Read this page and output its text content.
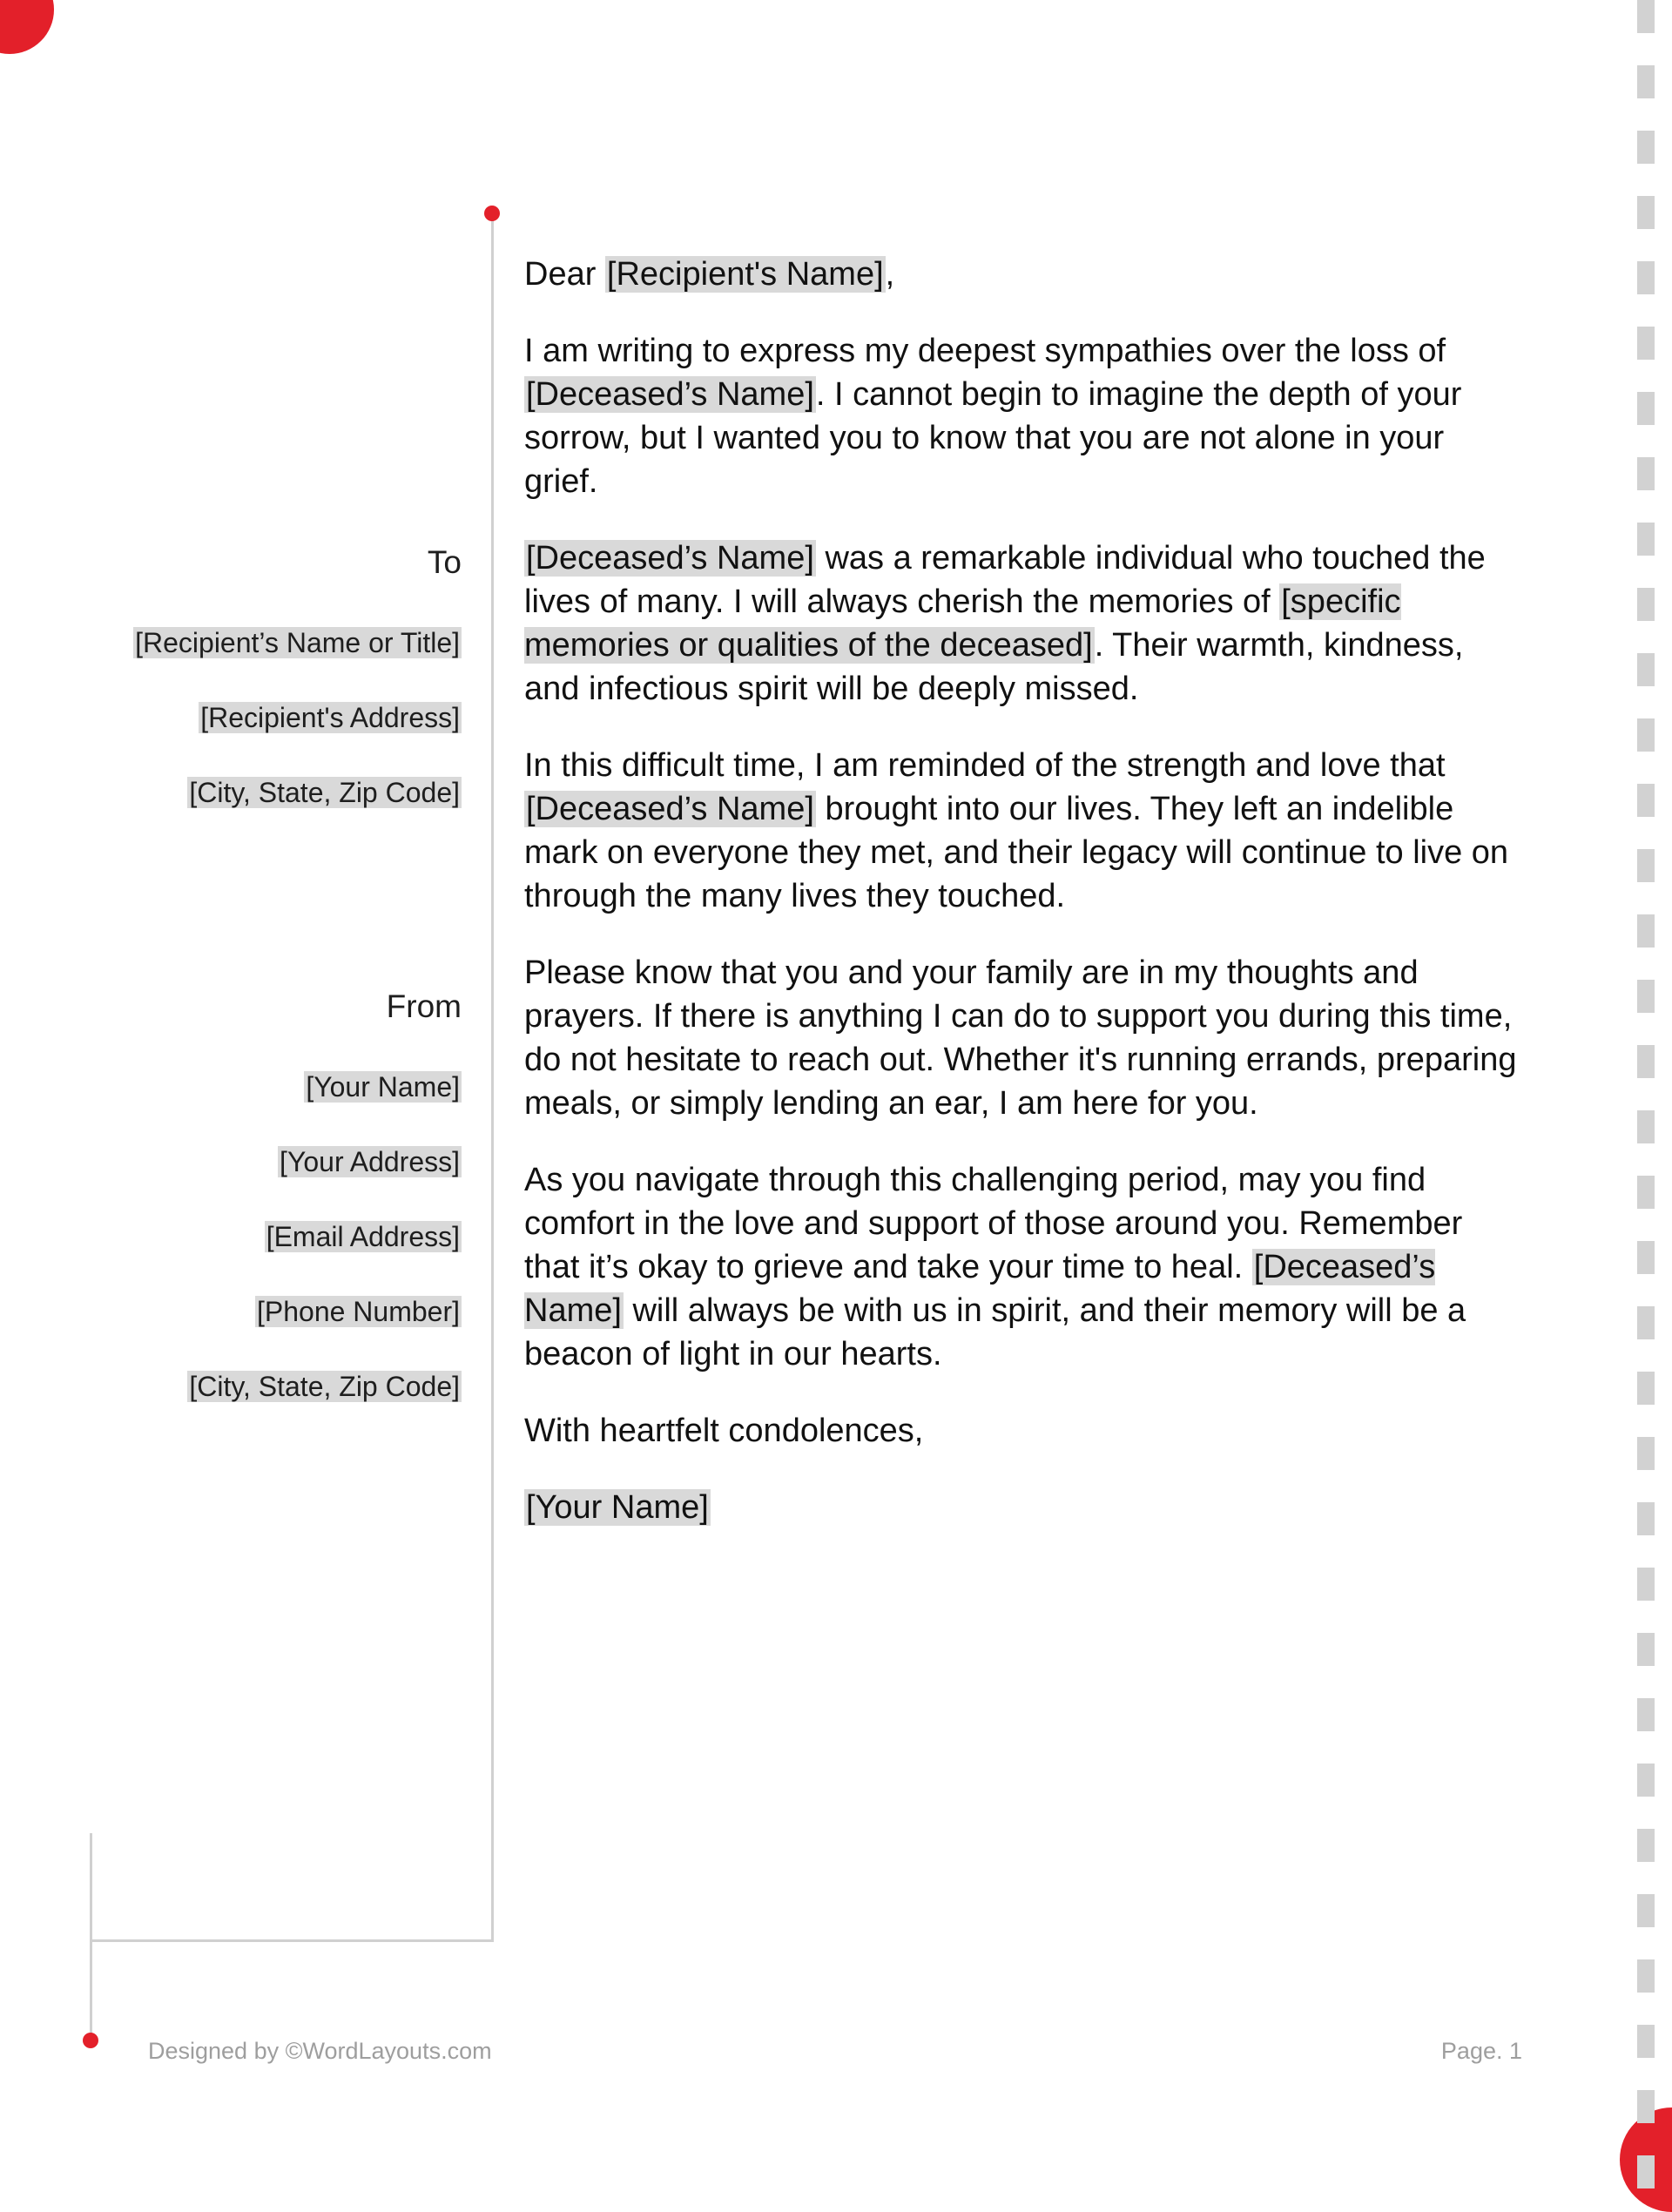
To
[Recipient’s Name or Title]
[Recipient's Address]
[City, State, Zip Code]
From
[Your Name]
[Your Address]
[Email Address]
[Phone Number]
[City, State, Zip Code]

Dear [Recipient's Name],

I am writing to express my deepest sympathies over the loss of [Deceased’s Name]. I cannot begin to imagine the depth of your sorrow, but I wanted you to know that you are not alone in your grief.

[Deceased’s Name] was a remarkable individual who touched the lives of many. I will always cherish the memories of [specific memories or qualities of the deceased]. Their warmth, kindness, and infectious spirit will be deeply missed.

In this difficult time, I am reminded of the strength and love that [Deceased’s Name] brought into our lives. They left an indelible mark on everyone they met, and their legacy will continue to live on through the many lives they touched.

Please know that you and your family are in my thoughts and prayers. If there is anything I can do to support you during this time, do not hesitate to reach out. Whether it's running errands, preparing meals, or simply lending an ear, I am here for you.

As you navigate through this challenging period, may you find comfort in the love and support of those around you. Remember that it’s okay to grieve and take your time to heal. [Deceased’s Name] will always be with us in spirit, and their memory will be a beacon of light in our hearts.

With heartfelt condolences,

[Your Name]

Designed by ©WordLayouts.com	Page. 1
